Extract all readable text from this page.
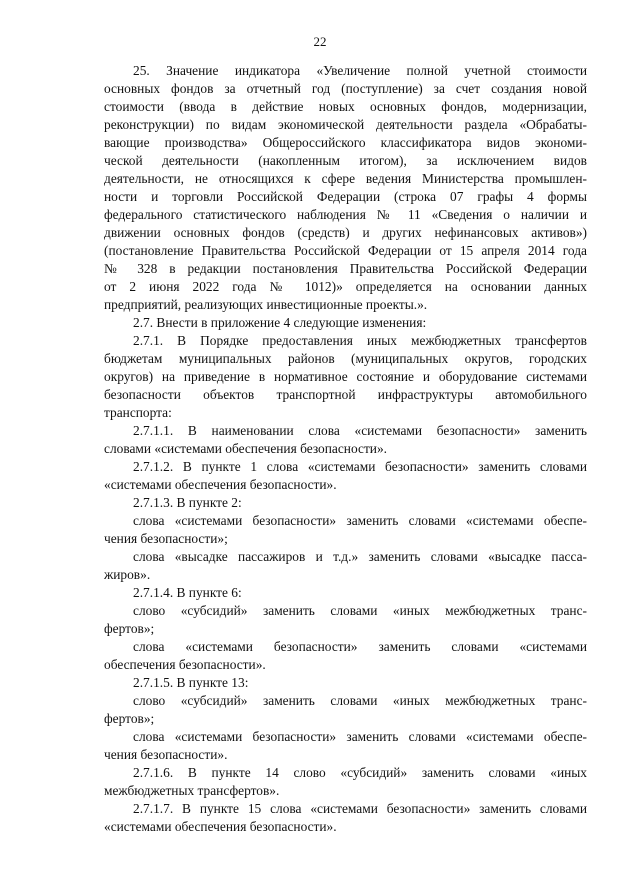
22

25. Значение индикатора «Увеличение полной учетной стоимости

основных фондов за отчетный год (поступление) за счет создания новой

стоимости (ввода в действие новых основных фондов, модернизации,

реконструкции) по видам экономической деятельности раздела «Обрабаты-

вающие производства» Общероссийского классификатора видов экономи-

ческой деятельности (накопленным итогом), за исключением видов

деятельности, не относящихся к сфере ведения Министерства промышлен-

ности и торговли Российской Федерации (строка 07 графы 4 формы

федерального статистического наблюдения № 11 «Сведения о наличии и

движении основных фондов (средств) и других нефинансовых активов»)

(постановление Правительства Российской Федерации от 15 апреля 2014 года

№ 328 в редакции постановления Правительства Российской Федерации

от 2 июня 2022 года № 1012)» определяется на основании данных

предприятий, реализующих инвестиционные проекты.».

2.7. Внести в приложение 4 следующие изменения:

2.7.1. В Порядке предоставления иных межбюджетных трансфертов

бюджетам муниципальных районов (муниципальных округов, городских

округов) на приведение в нормативное состояние и оборудование системами

безопасности объектов транспортной инфраструктуры автомобильного

транспорта:

2.7.1.1. В наименовании слова «системами безопасности» заменить

словами «системами обеспечения безопасности».

2.7.1.2. В пункте 1 слова «системами безопасности» заменить словами

«системами обеспечения безопасности».

2.7.1.3. В пункте 2:

слова «системами безопасности» заменить словами «системами обеспе-

чения безопасности»;

слова «высадке пассажиров и т.д.» заменить словами «высадке пасса-

жиров».

2.7.1.4. В пункте 6:

слово «субсидий» заменить словами «иных межбюджетных транс-

фертов»;

слова «системами безопасности» заменить словами «системами

обеспечения безопасности».

2.7.1.5. В пункте 13:

слово «субсидий» заменить словами «иных межбюджетных транс-

фертов»;

слова «системами безопасности» заменить словами «системами обеспе-

чения безопасности».

2.7.1.6. В пункте 14 слово «субсидий» заменить словами «иных

межбюджетных трансфертов».

2.7.1.7. В пункте 15 слова «системами безопасности» заменить словами

«системами обеспечения безопасности».
